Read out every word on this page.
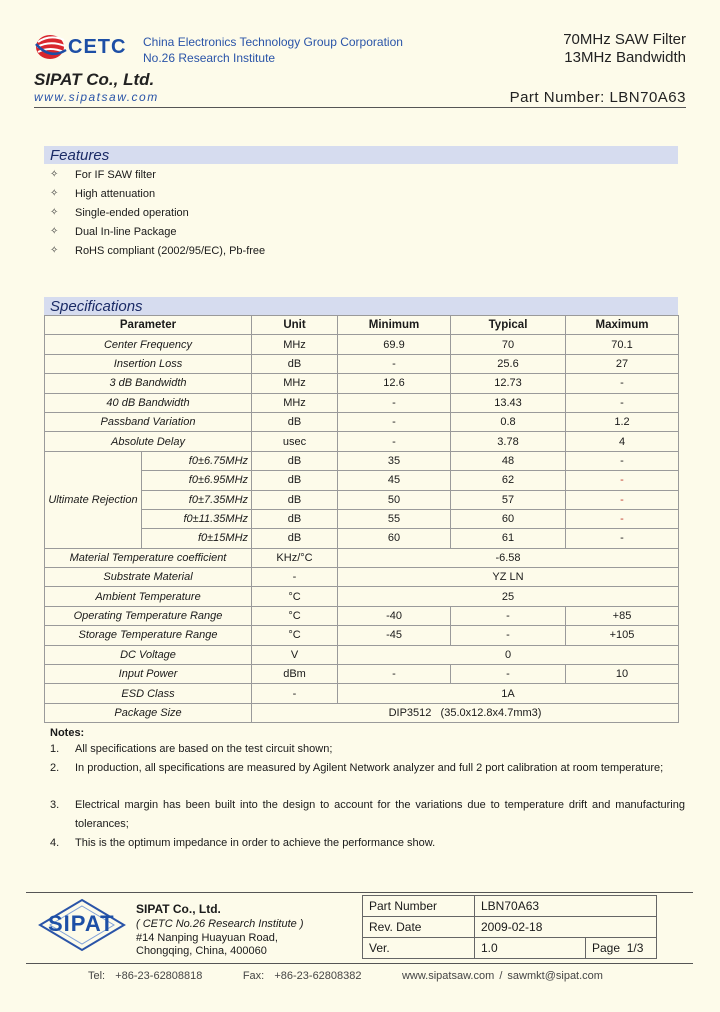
CETC China Electronics Technology Group Corporation
No.26 Research Institute
SIPAT Co., Ltd.
www.sipatsaw.com
70MHz SAW Filter
13MHz Bandwidth
Part Number: LBN70A63
Features
✧	For IF SAW filter
✧	High attenuation
✧	Single-ended operation
✧	Dual In-line Package
✧	RoHS compliant (2002/95/EC), Pb-free
Specifications
Parameter		Unit	Minimum	Typical	Maximum
Center Frequency		MHz	69.9	70	70.1
Insertion Loss		dB	-	25.6	27
3 dB Bandwidth		MHz	12.6	12.73	-
40 dB Bandwidth		MHz	-	13.43	-
Passband Variation		dB	-	0.8	1.2
Absolute Delay		usec	-	3.78	4
Ultimate Rejection	f0±6.75MHz	dB	35	48	-
	f0±6.95MHz	dB	45	62	-
	f0±7.35MHz	dB	50	57	-
	f0±11.35MHz	dB	55	60	-
	f0±15MHz	dB	60	61	-
Material Temperature coefficient		KHz/°C	-6.58		
Substrate Material		-	YZ LN		
Ambient Temperature		°C	25		
Operating Temperature Range		°C	-40	-	+85
Storage Temperature Range		°C	-45	-	+105
DC Voltage		V	0		
Input Power		dBm	-	-	10
ESD Class		-	1A		
Package Size		DIP3512   (35.0x12.8x4.7mm3)			
Notes:
1.	All specifications are based on the test circuit shown;
2.	In production, all specifications are measured by Agilent Network analyzer and full 2 port calibration at room temperature;
3.	Electrical margin has been built into the design to account for the variations due to temperature drift and manufacturing tolerances;
4.	This is the optimum impedance in order to achieve the performance show.
SIPAT
SIPAT Co., Ltd.
( CETC No.26 Research Institute )
#14 Nanping Huayuan Road,
Chongqing, China, 400060
Part Number	LBN70A63	
Rev. Date	2009-02-18	
Ver.	1.0	Page 1/3
Tel:  +86-23-62808818        Fax:  +86-23-62808382        www.sipatsaw.com / sawmkt@sipat.com
